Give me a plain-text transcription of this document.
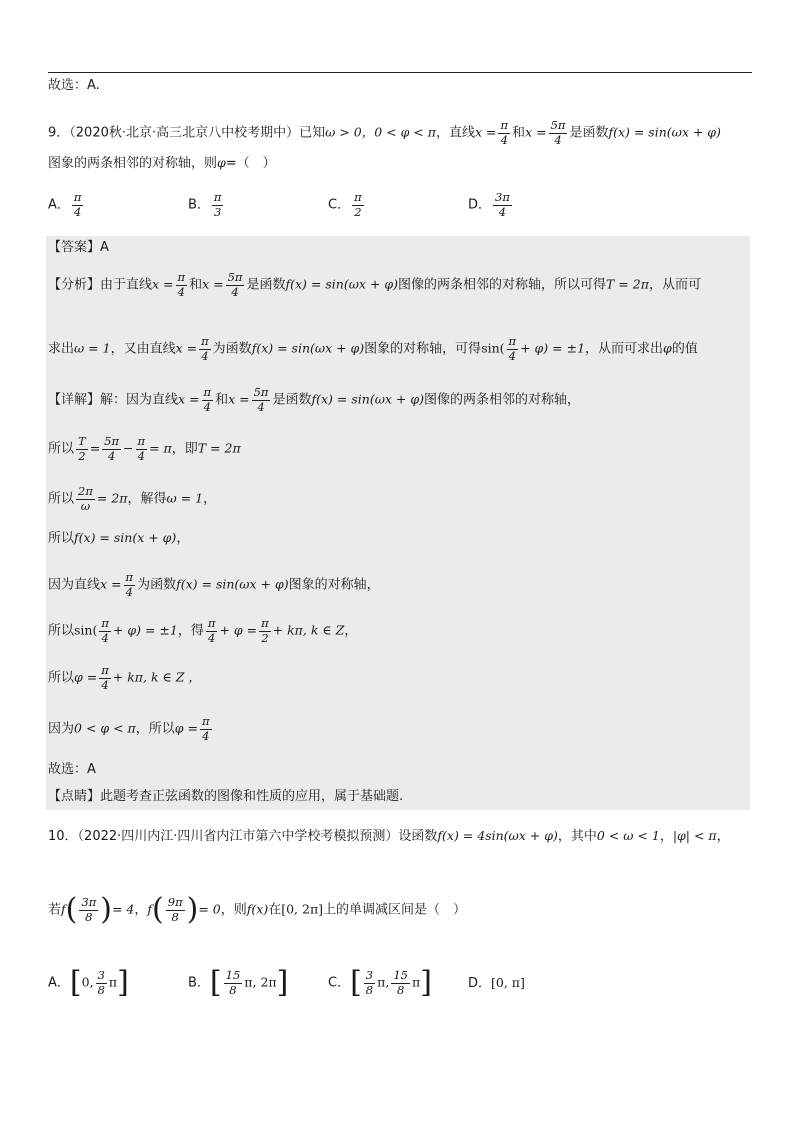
故选：A.
9．（2020秋·北京·高三北京八中校考期中）已知ω > 0，0 < φ < π，直线$x = \frac{\pi}{4}$ 和$x = \frac{5\pi}{4}$ 是函数f(x) = sin(ωx + φ)
图象的两条相邻的对称轴，则φ=（　）
A． $\frac{\pi}{4}$	B． $\frac{\pi}{3}$	C． $\frac{\pi}{2}$	D． $\frac{3\pi}{4}$
【答案】A
【分析】由于直线$x = \frac{\pi}{4}$ 和$x = \frac{5\pi}{4}$ 是函数f(x) = sin(ωx + φ)图像的两条相邻的对称轴，所以可得T = 2π，从而可
求出ω = 1，又由直线$x = \frac{\pi}{4}$ 为函数f(x) = sin(ωx + φ)图象的对称轴，可得$\sin( \frac{\pi}{4} + \varphi) = \pm 1$，从而可求出φ的值
【详解】解：因为直线$x = \frac{\pi}{4}$ 和$x = \frac{5\pi}{4}$ 是函数f(x) = sin(ωx + φ)图像的两条相邻的对称轴，
所以 $\frac{T}{2} = \frac{5\pi}{4} - \frac{\pi}{4} = \pi$，即T = 2π
所以 $\frac{2\pi}{\omega} = 2\pi$，解得ω = 1，
所以f(x) = sin(x + φ)，
因为直线$x = \frac{\pi}{4}$ 为函数f(x) = sin(ωx + φ)图象的对称轴，
所以$\sin( \frac{\pi}{4} + \varphi) = \pm 1$，得 $\frac{\pi}{4} + \varphi = \frac{\pi}{2} + k\pi$, k ∈ Z，
所以$\varphi = \frac{\pi}{4} + k\pi$, k ∈ Z ，
因为0 < φ < π，所以$\varphi = \frac{\pi}{4}$
故选：A
【点睛】此题考查正弦函数的图像和性质的应用，属于基础题.
10．（2022·四川内江·四川省内江市第六中学校考模拟预测）设函数f(x) = 4sin(ωx + φ)，其中0 < ω < 1，|φ| < π，
若$f( \frac{3\pi}{8}$ )= 4，$f( \frac{9\pi}{8}$ )= 0，则f(x)在[0, 2π]上的单调减区间是（　）
A．[0, $\frac{3}{8} \pi$]	B．[ $\frac{15}{8} \pi$, 2π]	C．[ $\frac{3}{8} \pi$, $\frac{15}{8} \pi$]	D．[0, π]
